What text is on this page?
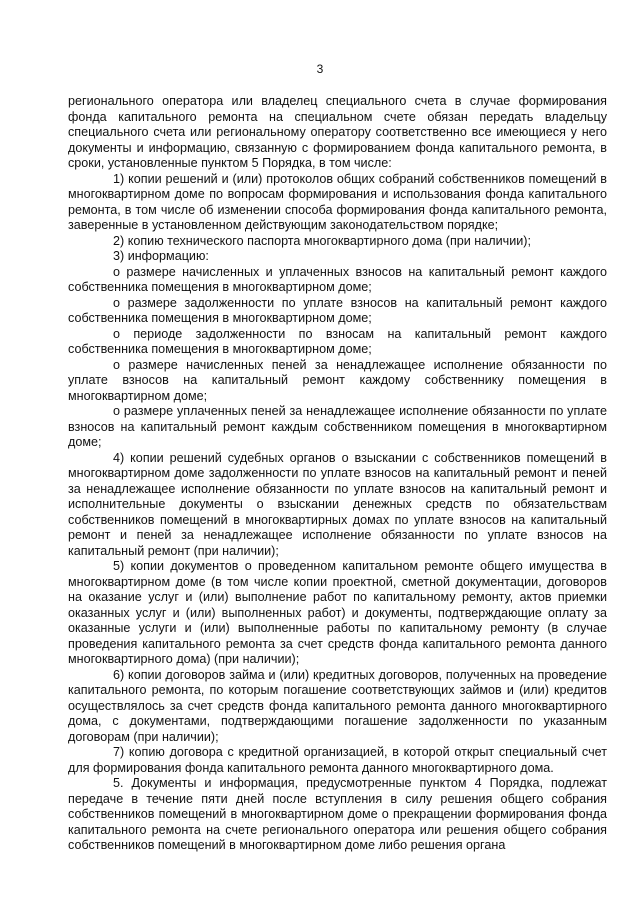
3

регионального оператора или владелец специального счета в случае формирования фонда капитального ремонта на специальном счете обязан передать владельцу специального счета или региональному оператору соответственно все имеющиеся у него документы и информацию, связанную с формированием фонда капитального ремонта, в сроки, установленные пунктом 5 Порядка, в том числе:

1) копии решений и (или) протоколов общих собраний собственников помещений в многоквартирном доме по вопросам формирования и использования фонда капитального ремонта, в том числе об изменении способа формирования фонда капитального ремонта, заверенные в установленном действующим законодательством порядке;

2) копию технического паспорта многоквартирного дома (при наличии);

3) информацию:

о размере начисленных и уплаченных взносов на капитальный ремонт каждого собственника помещения в многоквартирном доме;

о размере задолженности по уплате взносов на капитальный ремонт каждого собственника помещения в многоквартирном доме;

о периоде задолженности по взносам на капитальный ремонт каждого собственника помещения в многоквартирном доме;

о размере начисленных пеней за ненадлежащее исполнение обязанности по уплате взносов на капитальный ремонт каждому собственнику помещения в многоквартирном доме;

о размере уплаченных пеней за ненадлежащее исполнение обязанности по уплате взносов на капитальный ремонт каждым собственником помещения в многоквартирном доме;

4) копии решений судебных органов о взыскании с собственников помещений в многоквартирном доме задолженности по уплате взносов на капитальный ремонт и пеней за ненадлежащее исполнение обязанности по уплате взносов на капитальный ремонт и исполнительные документы о взыскании денежных средств по обязательствам собственников помещений в многоквартирных домах по уплате взносов на капитальный ремонт и пеней за ненадлежащее исполнение обязанности по уплате взносов на капитальный ремонт (при наличии);

5) копии документов о проведенном капитальном ремонте общего имущества в многоквартирном доме (в том числе копии проектной, сметной документации, договоров на оказание услуг и (или) выполнение работ по капитальному ремонту, актов приемки оказанных услуг и (или) выполненных работ) и документы, подтверждающие оплату за оказанные услуги и (или) выполненные работы по капитальному ремонту (в случае проведения капитального ремонта за счет средств фонда капитального ремонта данного многоквартирного дома) (при наличии);

6) копии договоров займа и (или) кредитных договоров, полученных на проведение капитального ремонта, по которым погашение соответствующих займов и (или) кредитов осуществлялось за счет средств фонда капитального ремонта данного многоквартирного дома, с документами, подтверждающими погашение задолженности по указанным договорам (при наличии);

7) копию договора с кредитной организацией, в которой открыт специальный счет для формирования фонда капитального ремонта данного многоквартирного дома.

5. Документы и информация, предусмотренные пунктом 4 Порядка, подлежат передаче в течение пяти дней после вступления в силу решения общего собрания собственников помещений в многоквартирном доме о прекращении формирования фонда капитального ремонта на счете регионального оператора или решения общего собрания собственников помещений в многоквартирном доме либо решения органа
